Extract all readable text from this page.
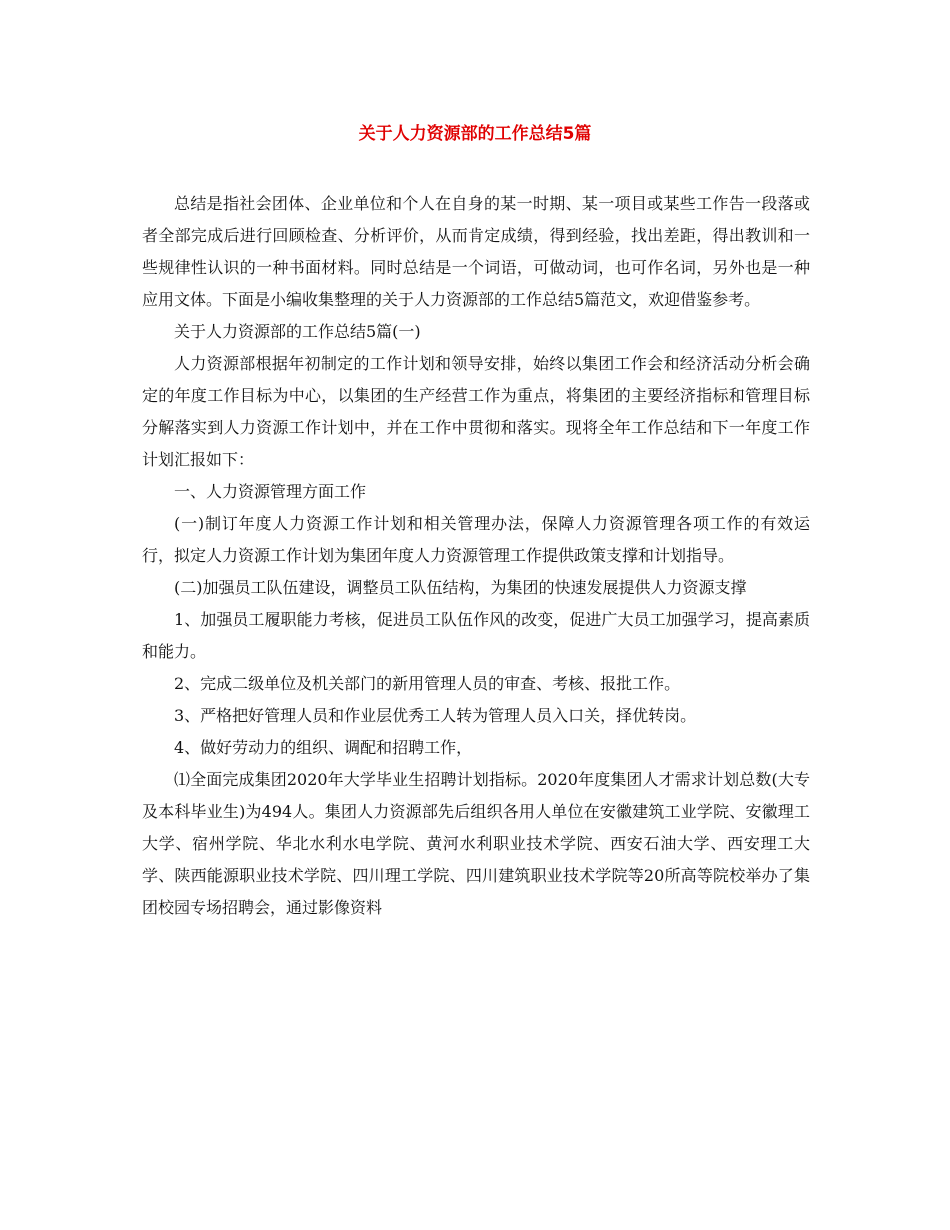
关于人力资源部的工作总结5篇

总结是指社会团体、企业单位和个人在自身的某一时期、某一项目或某些工作告一段落或者全部完成后进行回顾检查、分析评价，从而肯定成绩，得到经验，找出差距，得出教训和一些规律性认识的一种书面材料。同时总结是一个词语，可做动词，也可作名词，另外也是一种应用文体。下面是小编收集整理的关于人力资源部的工作总结5篇范文，欢迎借鉴参考。

关于人力资源部的工作总结5篇(一)

人力资源部根据年初制定的工作计划和领导安排，始终以集团工作会和经济活动分析会确定的年度工作目标为中心，以集团的生产经营工作为重点，将集团的主要经济指标和管理目标分解落实到人力资源工作计划中，并在工作中贯彻和落实。现将全年工作总结和下一年度工作计划汇报如下：

一、人力资源管理方面工作

(一)制订年度人力资源工作计划和相关管理办法，保障人力资源管理各项工作的有效运行，拟定人力资源工作计划为集团年度人力资源管理工作提供政策支撑和计划指导。

(二)加强员工队伍建设，调整员工队伍结构，为集团的快速发展提供人力资源支撑

1、加强员工履职能力考核，促进员工队伍作风的改变，促进广大员工加强学习，提高素质和能力。

2、完成二级单位及机关部门的新用管理人员的审查、考核、报批工作。

3、严格把好管理人员和作业层优秀工人转为管理人员入口关，择优转岗。

4、做好劳动力的组织、调配和招聘工作，

⑴全面完成集团2020年大学毕业生招聘计划指标。2020年度集团人才需求计划总数(大专及本科毕业生)为494人。集团人力资源部先后组织各用人单位在安徽建筑工业学院、安徽理工大学、宿州学院、华北水利水电学院、黄河水利职业技术学院、西安石油大学、西安理工大学、陕西能源职业技术学院、四川理工学院、四川建筑职业技术学院等20所高等院校举办了集团校园专场招聘会，通过影像资料
